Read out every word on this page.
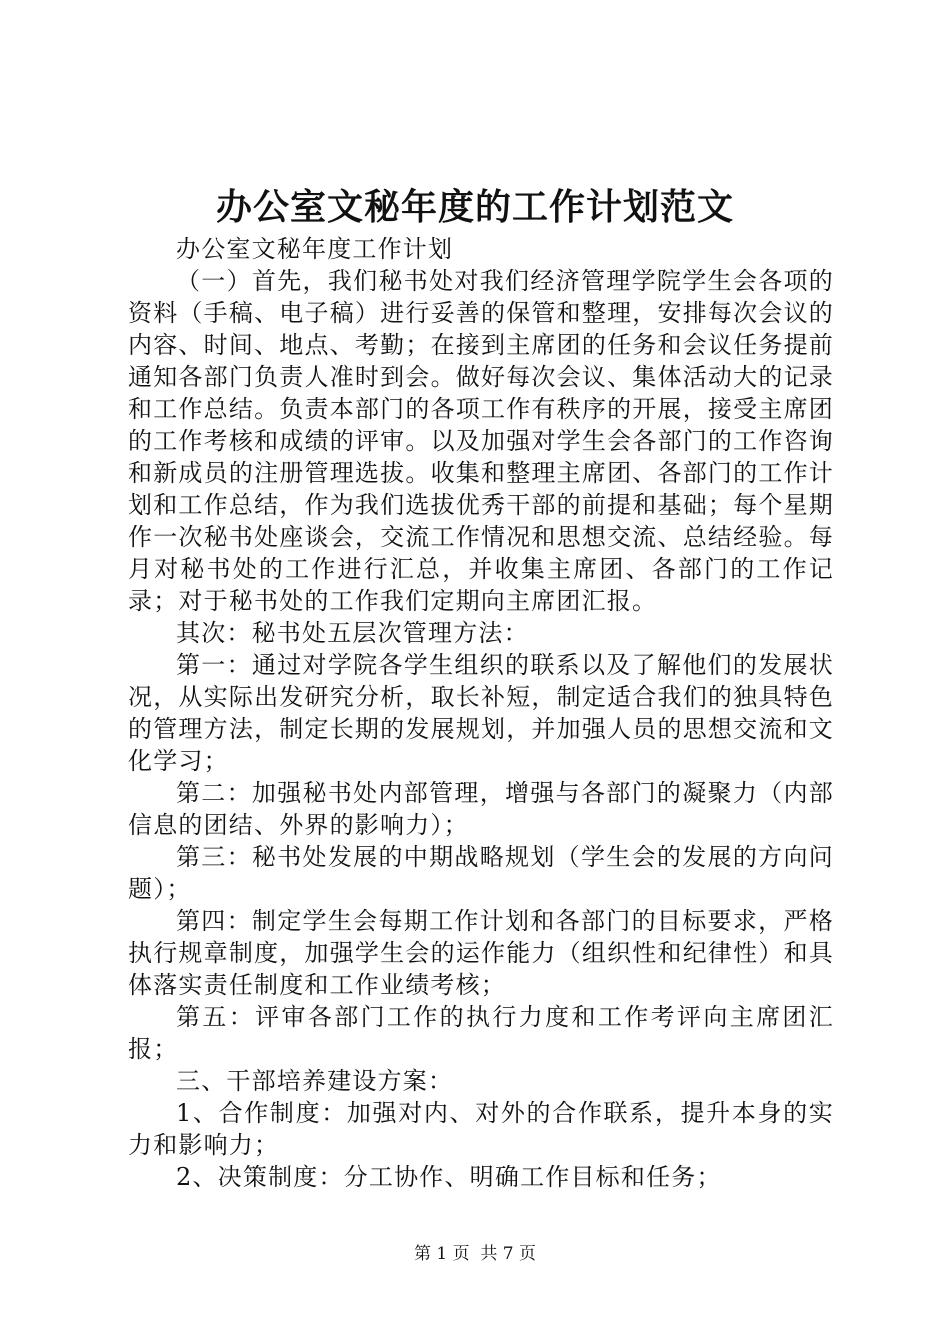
办公室文秘年度的工作计划范文

办公室文秘年度工作计划

（一）首先，我们秘书处对我们经济管理学院学生会各项的资料（手稿、电子稿）进行妥善的保管和整理，安排每次会议的内容、时间、地点、考勤；在接到主席团的任务和会议任务提前通知各部门负责人准时到会。做好每次会议、集体活动大的记录和工作总结。负责本部门的各项工作有秩序的开展，接受主席团的工作考核和成绩的评审。以及加强对学生会各部门的工作咨询和新成员的注册管理选拔。收集和整理主席团、各部门的工作计划和工作总结，作为我们选拔优秀干部的前提和基础；每个星期作一次秘书处座谈会，交流工作情况和思想交流、总结经验。每月对秘书处的工作进行汇总，并收集主席团、各部门的工作记录；对于秘书处的工作我们定期向主席团汇报。

其次：秘书处五层次管理方法：

第一：通过对学院各学生组织的联系以及了解他们的发展状况，从实际出发研究分析，取长补短，制定适合我们的独具特色的管理方法，制定长期的发展规划，并加强人员的思想交流和文化学习；

第二：加强秘书处内部管理，增强与各部门的凝聚力（内部信息的团结、外界的影响力）；

第三：秘书处发展的中期战略规划（学生会的发展的方向问题）；

第四：制定学生会每期工作计划和各部门的目标要求，严格执行规章制度，加强学生会的运作能力（组织性和纪律性）和具体落实责任制度和工作业绩考核；

第五：评审各部门工作的执行力度和工作考评向主席团汇报；

三、干部培养建设方案：

1、合作制度：加强对内、对外的合作联系，提升本身的实力和影响力；

2、决策制度：分工协作、明确工作目标和任务；

第 1 页  共 7 页
